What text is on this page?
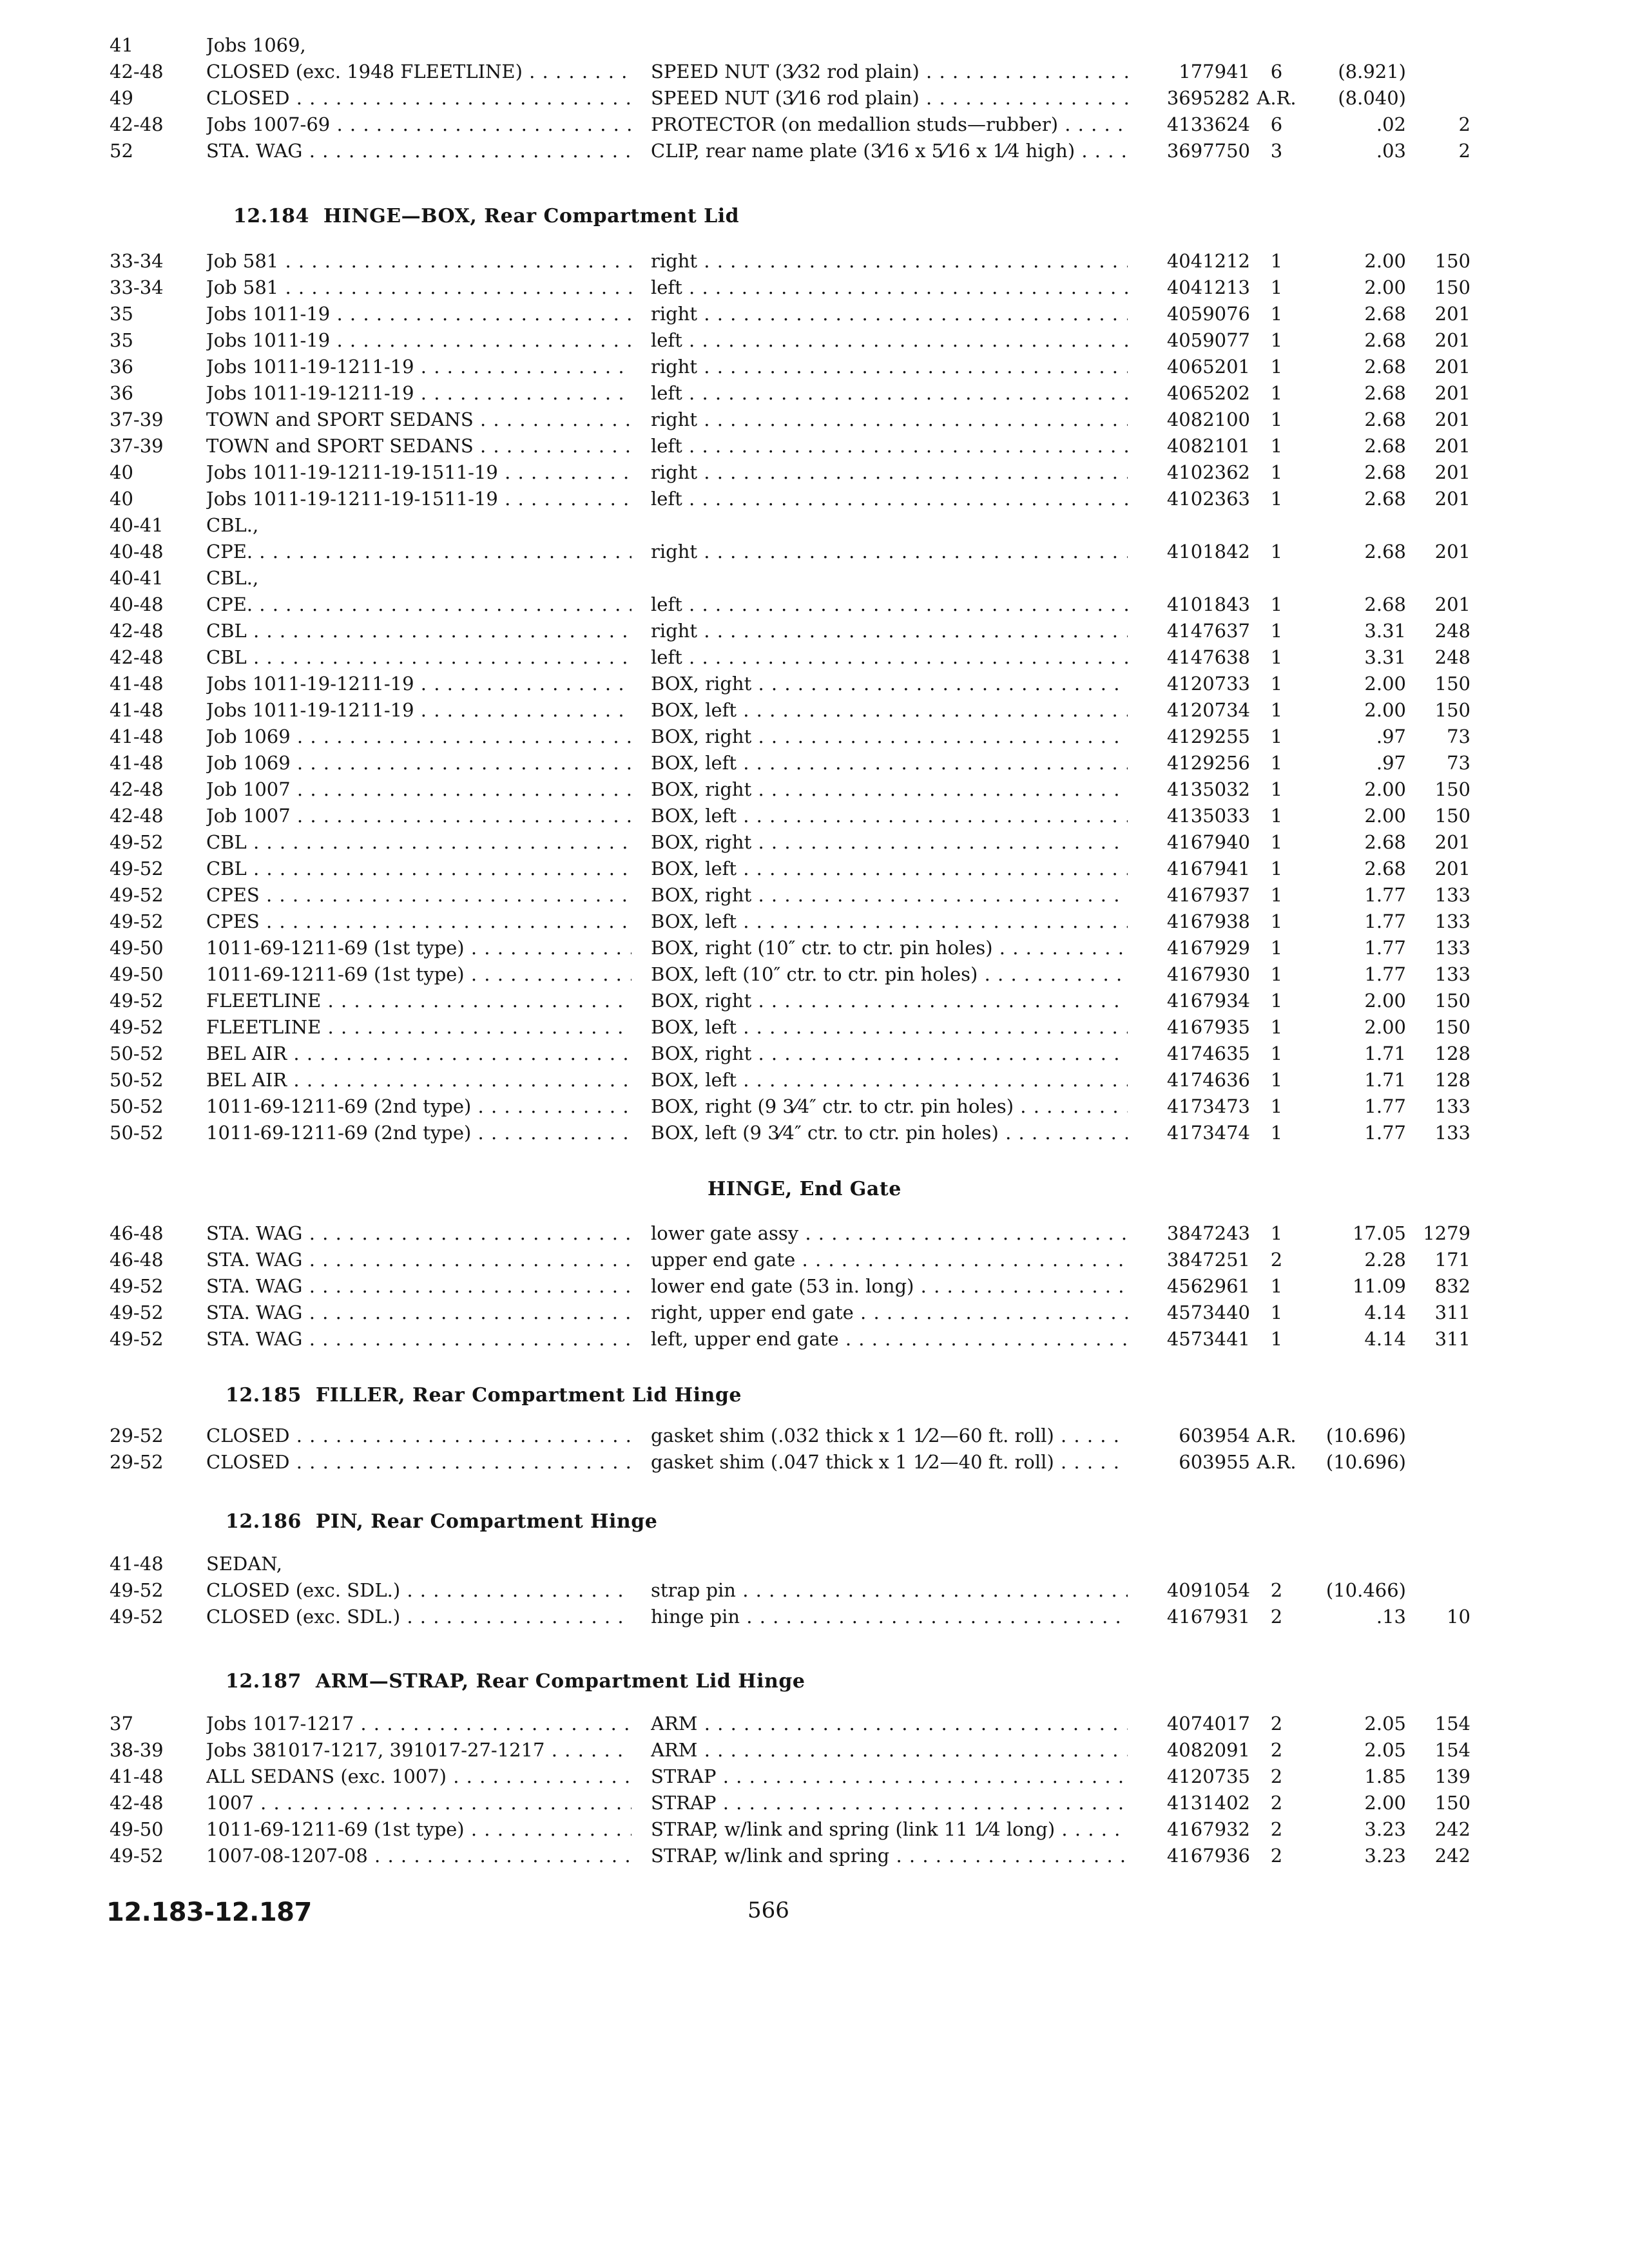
41	Jobs 1069,
42-48	CLOSED (exc. 1948 FLEETLINE) . . .	SPEED NUT (3⁄32 rod plain) . . .	177941	6	(8.921)
49	CLOSED . . .	SPEED NUT (3⁄16 rod plain) . . .	3695282 A.R.	(8.040)
42-48	Jobs 1007-69 . . .	PROTECTOR (on medallion studs—rubber) . . .	4133624	6	.02	2
52	STA. WAG . . .	CLIP, rear name plate (3⁄16 x 5⁄16 x 1⁄4 high) . . .	3697750	3	.03	2
12.184 HINGE—BOX, Rear Compartment Lid
33-34	Job 581 . . .	right . . .	4041212	1	2.00	150
33-34	Job 581 . . .	left . . .	4041213	1	2.00	150
35	Jobs 1011-19 . . .	right . . .	4059076	1	2.68	201
35	Jobs 1011-19 . . .	left . . .	4059077	1	2.68	201
36	Jobs 1011-19-1211-19 . . .	right . . .	4065201	1	2.68	201
36	Jobs 1011-19-1211-19 . . .	left . . .	4065202	1	2.68	201
37-39	TOWN and SPORT SEDANS . . .	right . . .	4082100	1	2.68	201
37-39	TOWN and SPORT SEDANS . . .	left . . .	4082101	1	2.68	201
40	Jobs 1011-19-1211-19-1511-19 . . .	right . . .	4102362	1	2.68	201
40	Jobs 1011-19-1211-19-1511-19 . . .	left . . .	4102363	1	2.68	201
40-41	CBL.,
40-48	CPE. . . .	right . . .	4101842	1	2.68	201
40-41	CBL.,
40-48	CPE. . . .	left . . .	4101843	1	2.68	201
42-48	CBL . . .	right . . .	4147637	1	3.31	248
42-48	CBL . . .	left . . .	4147638	1	3.31	248
41-48	Jobs 1011-19-1211-19 . . .	BOX, right . . .	4120733	1	2.00	150
41-48	Jobs 1011-19-1211-19 . . .	BOX, left . . .	4120734	1	2.00	150
41-48	Job 1069 . . .	BOX, right . . .	4129255	1	.97	73
41-48	Job 1069 . . .	BOX, left . . .	4129256	1	.97	73
42-48	Job 1007 . . .	BOX, right . . .	4135032	1	2.00	150
42-48	Job 1007 . . .	BOX, left . . .	4135033	1	2.00	150
49-52	CBL . . .	BOX, right . . .	4167940	1	2.68	201
49-52	CBL . . .	BOX, left . . .	4167941	1	2.68	201
49-52	CPES . . .	BOX, right . . .	4167937	1	1.77	133
49-52	CPES . . .	BOX, left . . .	4167938	1	1.77	133
49-50	1011-69-1211-69 (1st type) . . .	BOX, right (10″ ctr. to ctr. pin holes) . . .	4167929	1	1.77	133
49-50	1011-69-1211-69 (1st type) . . .	BOX, left (10″ ctr. to ctr. pin holes) . . .	4167930	1	1.77	133
49-52	FLEETLINE . . .	BOX, right . . .	4167934	1	2.00	150
49-52	FLEETLINE . . .	BOX, left . . .	4167935	1	2.00	150
50-52	BEL AIR . . .	BOX, right . . .	4174635	1	1.71	128
50-52	BEL AIR . . .	BOX, left . . .	4174636	1	1.71	128
50-52	1011-69-1211-69 (2nd type) . . .	BOX, right (9 3⁄4″ ctr. to ctr. pin holes) . . .	4173473	1	1.77	133
50-52	1011-69-1211-69 (2nd type) . . .	BOX, left (9 3⁄4″ ctr. to ctr. pin holes) . . .	4173474	1	1.77	133
HINGE, End Gate
46-48	STA. WAG . . .	lower gate assy . . .	3847243	1	17.05 1279
46-48	STA. WAG . . .	upper end gate . . .	3847251	2	2.28	171
49-52	STA. WAG . . .	lower end gate (53 in. long) . . .	4562961	1	11.09	832
49-52	STA. WAG . . .	right, upper end gate . . .	4573440	1	4.14	311
49-52	STA. WAG . . .	left, upper end gate . . .	4573441	1	4.14	311
12.185 FILLER, Rear Compartment Lid Hinge
29-52	CLOSED . . .	gasket shim (.032 thick x 1 1⁄2—60 ft. roll) . . .	603954 A.R.	(10.696)
29-52	CLOSED . . .	gasket shim (.047 thick x 1 1⁄2—40 ft. roll) . . .	603955 A.R.	(10.696)
12.186 PIN, Rear Compartment Hinge
41-48	SEDAN,
49-52	CLOSED (exc. SDL.) . . .	strap pin . . .	4091054	2	(10.466)
49-52	CLOSED (exc. SDL.) . . .	hinge pin . . .	4167931	2	.13	10
12.187 ARM—STRAP, Rear Compartment Lid Hinge
37	Jobs 1017-1217 . . .	ARM . . .	4074017	2	2.05	154
38-39	Jobs 381017-1217, 391017-27-1217 . . .	ARM . . .	4082091	2	2.05	154
41-48	ALL SEDANS (exc. 1007) . . .	STRAP . . .	4120735	2	1.85	139
42-48	1007 . . .	STRAP . . .	4131402	2	2.00	150
49-50	1011-69-1211-69 (1st type) . . .	STRAP, w/link and spring (link 11 1⁄4 long) . . .	4167932	2	3.23	242
49-52	1007-08-1207-08 . . .	STRAP, w/link and spring . . .	4167936	2	3.23	242
12.183-12.187	566
